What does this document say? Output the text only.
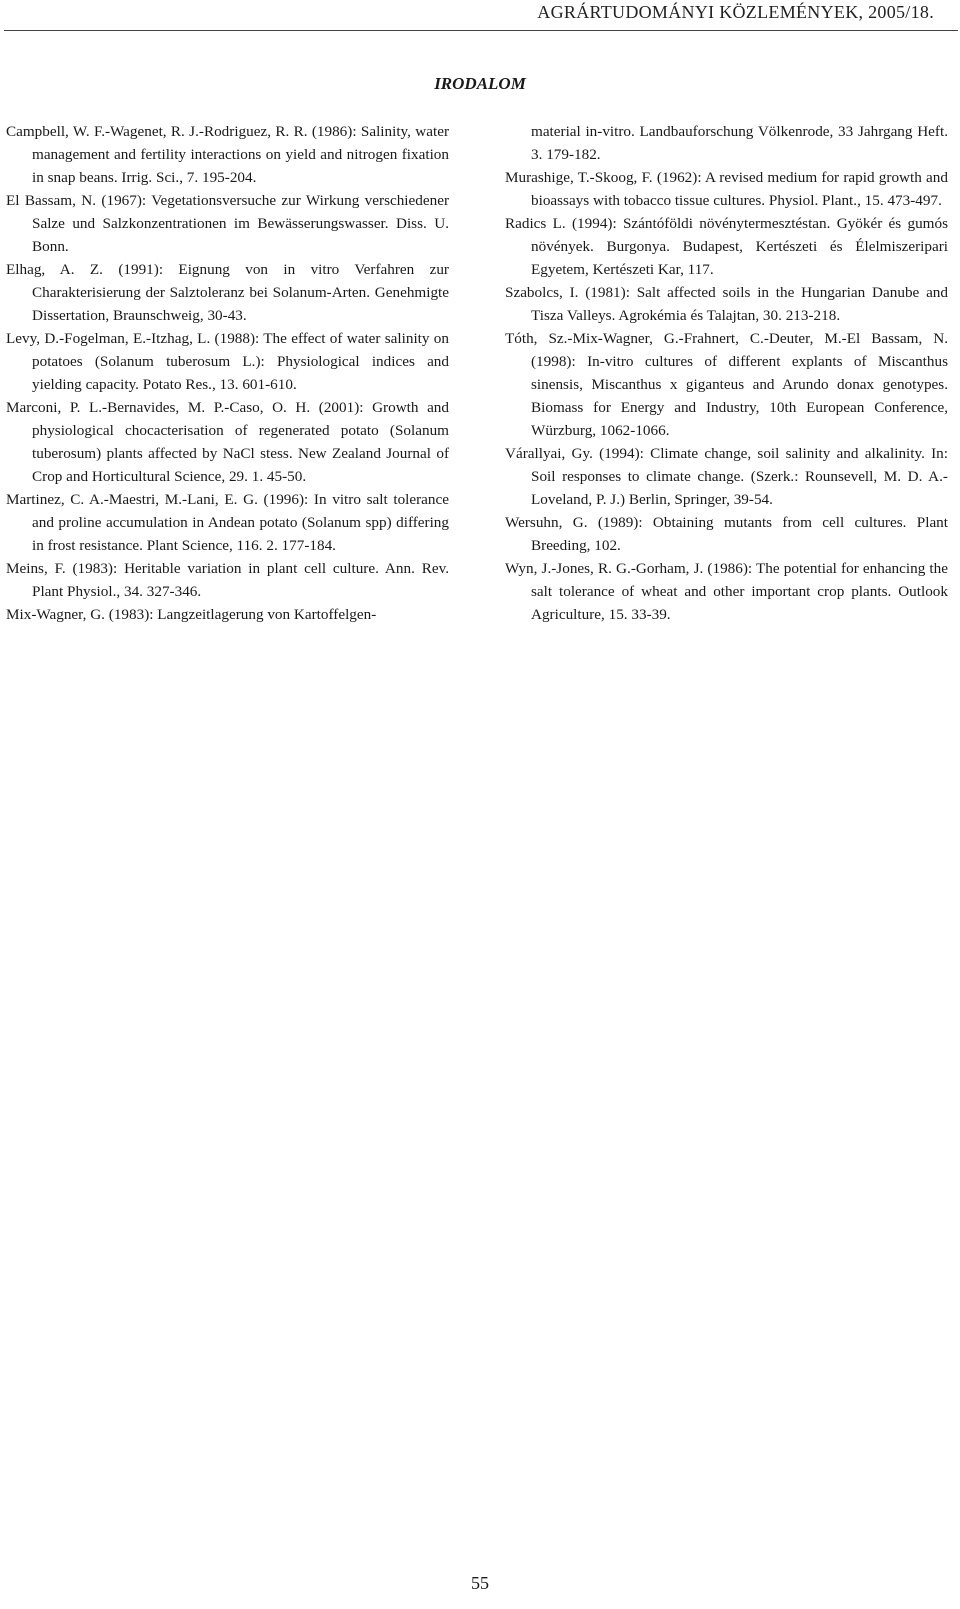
AGRÁRTUDOMÁNYI KÖZLEMÉNYEK, 2005/18.
IRODALOM

Campbell, W. F.-Wagenet, R. J.-Rodriguez, R. R. (1986): Salinity, water management and fertility interactions on yield and nitrogen fixation in snap beans. Irrig. Sci., 7. 195-204.

El Bassam, N. (1967): Vegetationsversuche zur Wirkung verschiedener Salze und Salzkonzentrationen im Bewässerungswasser. Diss. U. Bonn.

Elhag, A. Z. (1991): Eignung von in vitro Verfahren zur Charakterisierung der Salztoleranz bei Solanum-Arten. Genehmigte Dissertation, Braunschweig, 30-43.

Levy, D.-Fogelman, E.-Itzhag, L. (1988): The effect of water salinity on potatoes (Solanum tuberosum L.): Physiological indices and yielding capacity. Potato Res., 13. 601-610.

Marconi, P. L.-Bernavides, M. P.-Caso, O. H. (2001): Growth and physiological chocacterisation of regenerated potato (Solanum tuberosum) plants affected by NaCl stess. New Zealand Journal of Crop and Horticultural Science, 29. 1. 45-50.

Martinez, C. A.-Maestri, M.-Lani, E. G. (1996): In vitro salt tolerance and proline accumulation in Andean potato (Solanum spp) differing in frost resistance. Plant Science, 116. 2. 177-184.

Meins, F. (1983): Heritable variation in plant cell culture. Ann. Rev. Plant Physiol., 34. 327-346.

Mix-Wagner, G. (1983): Langzeitlagerung von Kartoffelgen-

material in-vitro. Landbauforschung Völkenrode, 33 Jahrgang Heft. 3. 179-182.

Murashige, T.-Skoog, F. (1962): A revised medium for rapid growth and bioassays with tobacco tissue cultures. Physiol. Plant., 15. 473-497.

Radics L. (1994): Szántóföldi növénytermesztéstan. Gyökér és gumós növények. Burgonya. Budapest, Kertészeti és Élelmiszeripari Egyetem, Kertészeti Kar, 117.

Szabolcs, I. (1981): Salt affected soils in the Hungarian Danube and Tisza Valleys. Agrokémia és Talajtan, 30. 213-218.

Tóth, Sz.-Mix-Wagner, G.-Frahnert, C.-Deuter, M.-El Bassam, N. (1998): In-vitro cultures of different explants of Miscanthus sinensis, Miscanthus x giganteus and Arundo donax genotypes. Biomass for Energy and Industry, 10th European Conference, Würzburg, 1062-1066.

Várallyai, Gy. (1994): Climate change, soil salinity and alkalinity. In: Soil responses to climate change. (Szerk.: Rounsevell, M. D. A.-Loveland, P. J.) Berlin, Springer, 39-54.

Wersuhn, G. (1989): Obtaining mutants from cell cultures. Plant Breeding, 102.

Wyn, J.-Jones, R. G.-Gorham, J. (1986): The potential for enhancing the salt tolerance of wheat and other important crop plants. Outlook Agriculture, 15. 33-39.

55
